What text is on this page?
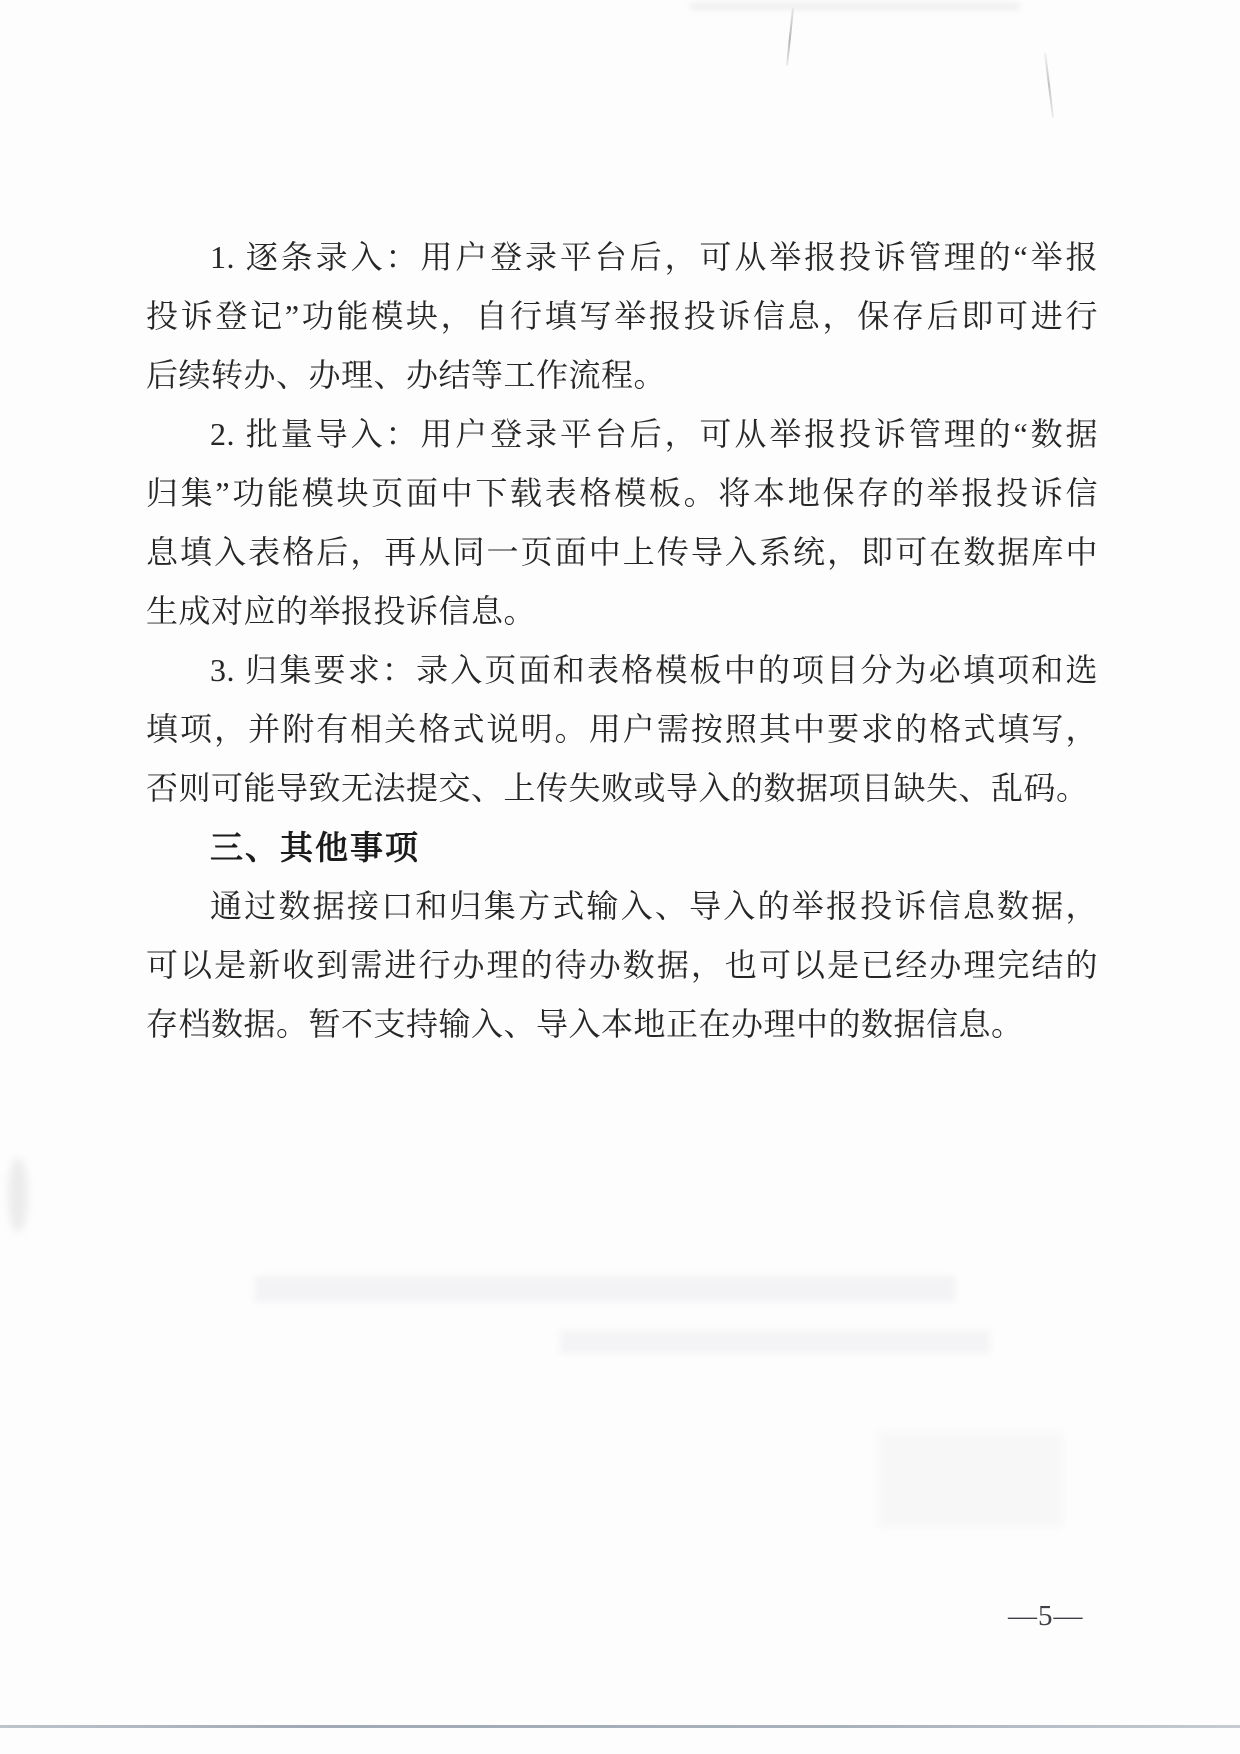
1. 逐条录入：用户登录平台后，可从举报投诉管理的“举报
投诉登记”功能模块，自行填写举报投诉信息，保存后即可进行
后续转办、办理、办结等工作流程。
2. 批量导入：用户登录平台后，可从举报投诉管理的“数据
归集”功能模块页面中下载表格模板。将本地保存的举报投诉信
息填入表格后，再从同一页面中上传导入系统，即可在数据库中
生成对应的举报投诉信息。
3. 归集要求：录入页面和表格模板中的项目分为必填项和选
填项，并附有相关格式说明。用户需按照其中要求的格式填写，
否则可能导致无法提交、上传失败或导入的数据项目缺失、乱码。
三、其他事项
通过数据接口和归集方式输入、导入的举报投诉信息数据，
可以是新收到需进行办理的待办数据，也可以是已经办理完结的
存档数据。暂不支持输入、导入本地正在办理中的数据信息。
—5—
